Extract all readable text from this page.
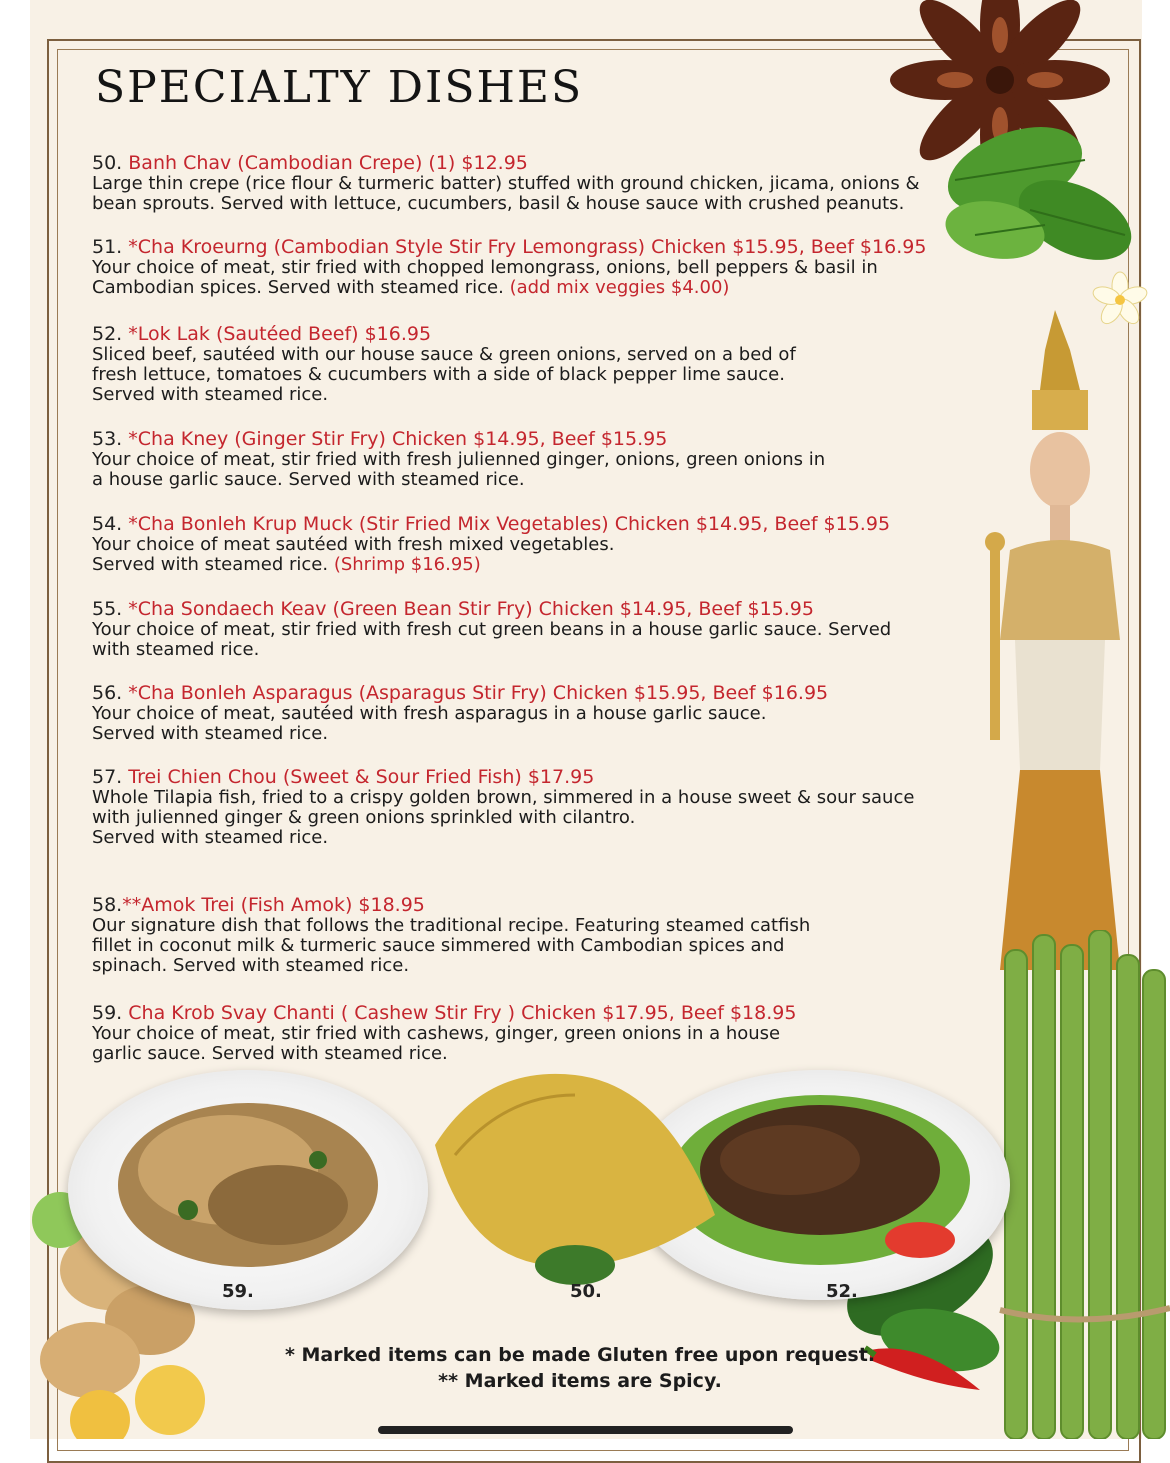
59.	50.	52.
SPECIALTY DISHES
50. Banh Chav (Cambodian Crepe) (1) $12.95

Large thin crepe (rice flour & turmeric batter) stuffed with ground chicken, jicama, onions &
bean sprouts. Served with lettuce, cucumbers, basil & house sauce with crushed peanuts.

51. *Cha Kroeurng (Cambodian Style Stir Fry Lemongrass) Chicken $15.95, Beef $16.95

Your choice of meat, stir fried with chopped lemongrass, onions, bell peppers & basil in
Cambodian spices. Served with steamed rice. (add mix veggies $4.00)

52. *Lok Lak (Sautéed Beef) $16.95

Sliced beef, sautéed with our house sauce & green onions, served on a bed of
fresh lettuce, tomatoes & cucumbers with a side of black pepper lime sauce.
Served with steamed rice.

53. *Cha Kney (Ginger Stir Fry) Chicken $14.95, Beef $15.95

Your choice of meat, stir fried with fresh julienned ginger, onions, green onions in
a house garlic sauce. Served with steamed rice.

54. *Cha Bonleh Krup Muck (Stir Fried Mix Vegetables) Chicken $14.95, Beef $15.95

Your choice of meat sautéed with fresh mixed vegetables.
Served with steamed rice. (Shrimp $16.95)

55. *Cha Sondaech Keav (Green Bean Stir Fry) Chicken $14.95, Beef $15.95

Your choice of meat, stir fried with fresh cut green beans in a house garlic sauce. Served
with steamed rice.

56. *Cha Bonleh Asparagus (Asparagus Stir Fry) Chicken $15.95, Beef $16.95

Your choice of meat, sautéed with fresh asparagus in a house garlic sauce.
Served with steamed rice.

57. Trei Chien Chou (Sweet & Sour Fried Fish) $17.95

Whole Tilapia fish, fried to a crispy golden brown, simmered in a house sweet & sour sauce
with julienned ginger & green onions sprinkled with cilantro.
Served with steamed rice.

58.**Amok Trei (Fish Amok) $18.95

Our signature dish that follows the traditional recipe. Featuring steamed catfish
fillet in coconut milk & turmeric sauce simmered with Cambodian spices and
spinach. Served with steamed rice.

59. Cha Krob Svay Chanti ( Cashew Stir Fry ) Chicken $17.95, Beef $18.95

Your choice of meat, stir fried with cashews, ginger, green onions in a house
garlic sauce. Served with steamed rice.

* Marked items can be made Gluten free upon request.
** Marked items are Spicy.
